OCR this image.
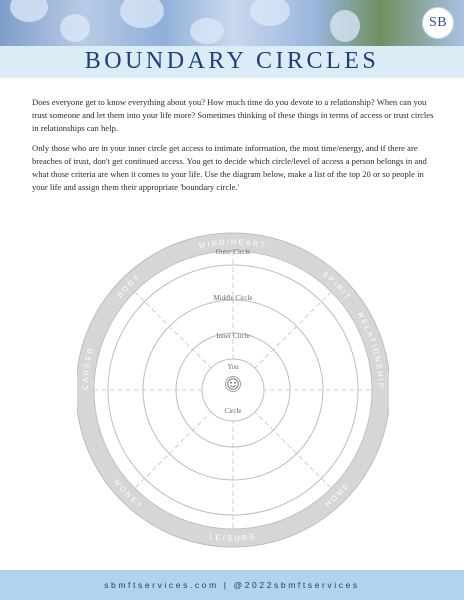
SB
BOUNDARY CIRCLES

Does everyone get to know everything about you? How much time do you devote to a relationship? When can you trust someone and let them into your life more? Sometimes thinking of these things in terms of access or trust circles in relationships can help.

Only those who are in your inner circle get access to intimate information, the most time/energy, and if there are breaches of trust, don't get continued access. You get to decide which circle/level of access a person belongs in and what those criteria are when it comes to your life. Use the diagram below, make a list of the top 20 or so people in your life and assign them their appropriate 'boundary circle.'

Outer Circle
Middle Circle
Inner Circle
You
Circle
MIND/HEART
SPIRIT
RELATIONSHIP
BODY
CAREER
LEISURE
MONEY	HOME
sbmftservices.com | @2022sbmftservices
